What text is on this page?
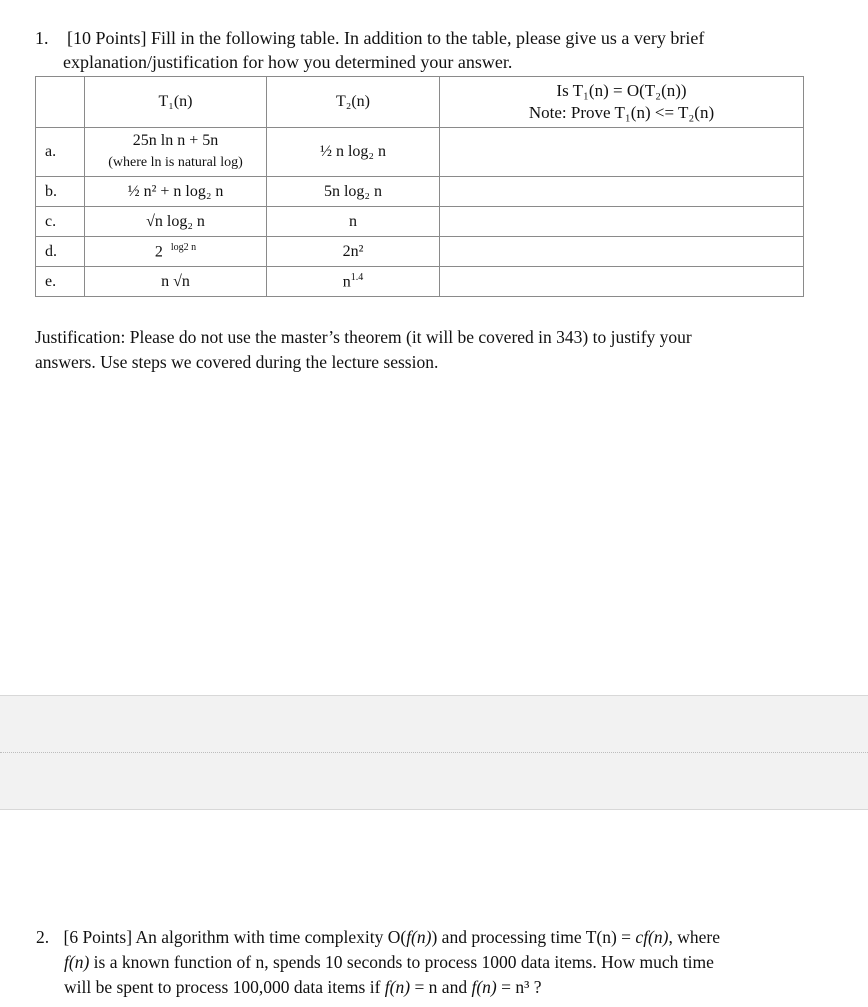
1. [10 Points] Fill in the following table. In addition to the table, please give us a very brief
explanation/justification for how you determined your answer.
	T₁(n)	T₂(n)	Is T₁(n) = O(T₂(n))
Note: Prove T₁(n) <= T₂(n)

a.	25n ln n + 5n
(where ln is natural log)	½ n log₂ n	
b.	½ n² + n log₂ n	5n log₂ n	
c.	√n log₂ n	n	
d.	2 $^{log2 n}$	2n²	
e.	n √n	$n^{1.4}$	
Justification: Please do not use the master’s theorem (it will be covered in 343) to justify your
answers. Use steps we covered during the lecture session.
2. [6 Points] An algorithm with time complexity O(f(n)) and processing time T(n) = cf(n), where
f(n) is a known function of n, spends 10 seconds to process 1000 data items. How much time
will be spent to process 100,000 data items if f(n) = n and f(n) = n³ ?
